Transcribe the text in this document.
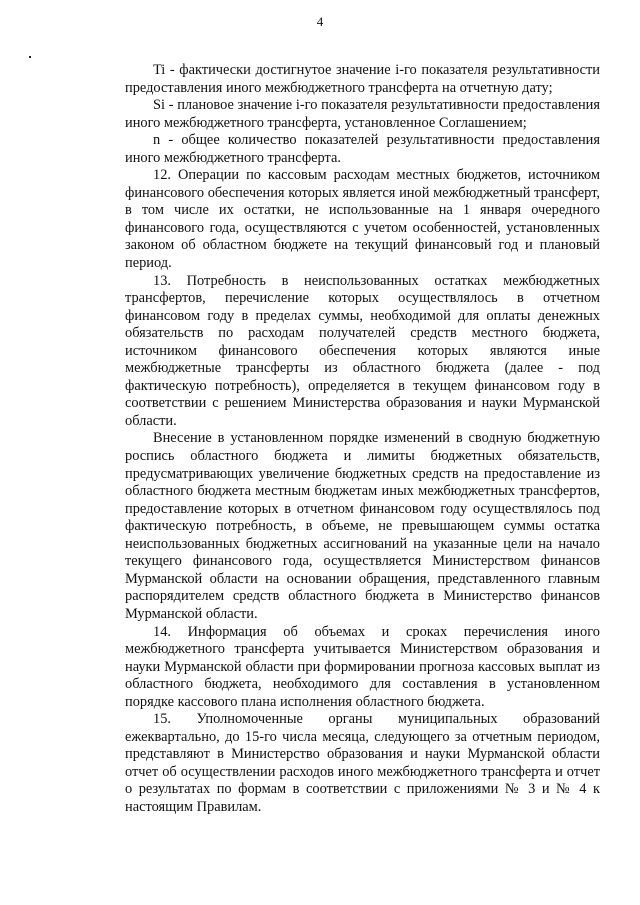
4

Ti - фактически достигнутое значение i-го показателя результативности предоставления иного межбюджетного трансферта на отчетную дату;

Si - плановое значение i-го показателя результативности предоставления иного межбюджетного трансферта, установленное Соглашением;

n - общее количество показателей результативности предоставления иного межбюджетного трансферта.

12. Операции по кассовым расходам местных бюджетов, источником финансового обеспечения которых является иной межбюджетный трансферт, в том числе их остатки, не использованные на 1 января очередного финансового года, осуществляются с учетом особенностей, установленных законом об областном бюджете на текущий финансовый год и плановый период.

13. Потребность в неиспользованных остатках межбюджетных трансфертов, перечисление которых осуществлялось в отчетном финансовом году в пределах суммы, необходимой для оплаты денежных обязательств по расходам получателей средств местного бюджета, источником финансового обеспечения которых являются иные межбюджетные трансферты из областного бюджета (далее - под фактическую потребность), определяется в текущем финансовом году в соответствии с решением Министерства образования и науки Мурманской области.

Внесение в установленном порядке изменений в сводную бюджетную роспись областного бюджета и лимиты бюджетных обязательств, предусматривающих увеличение бюджетных средств на предоставление из областного бюджета местным бюджетам иных межбюджетных трансфертов, предоставление которых в отчетном финансовом году осуществлялось под фактическую потребность, в объеме, не превышающем суммы остатка неиспользованных бюджетных ассигнований на указанные цели на начало текущего финансового года, осуществляется Министерством финансов Мурманской области на основании обращения, представленного главным распорядителем средств областного бюджета в Министерство финансов Мурманской области.

14. Информация об объемах и сроках перечисления иного межбюджетного трансферта учитывается Министерством образования и науки Мурманской области при формировании прогноза кассовых выплат из областного бюджета, необходимого для составления в установленном порядке кассового плана исполнения областного бюджета.

15. Уполномоченные органы муниципальных образований ежеквартально, до 15-го числа месяца, следующего за отчетным периодом, представляют в Министерство образования и науки Мурманской области отчет об осуществлении расходов иного межбюджетного трансферта и отчет о результатах по формам в соответствии с приложениями № 3 и № 4 к настоящим Правилам.
